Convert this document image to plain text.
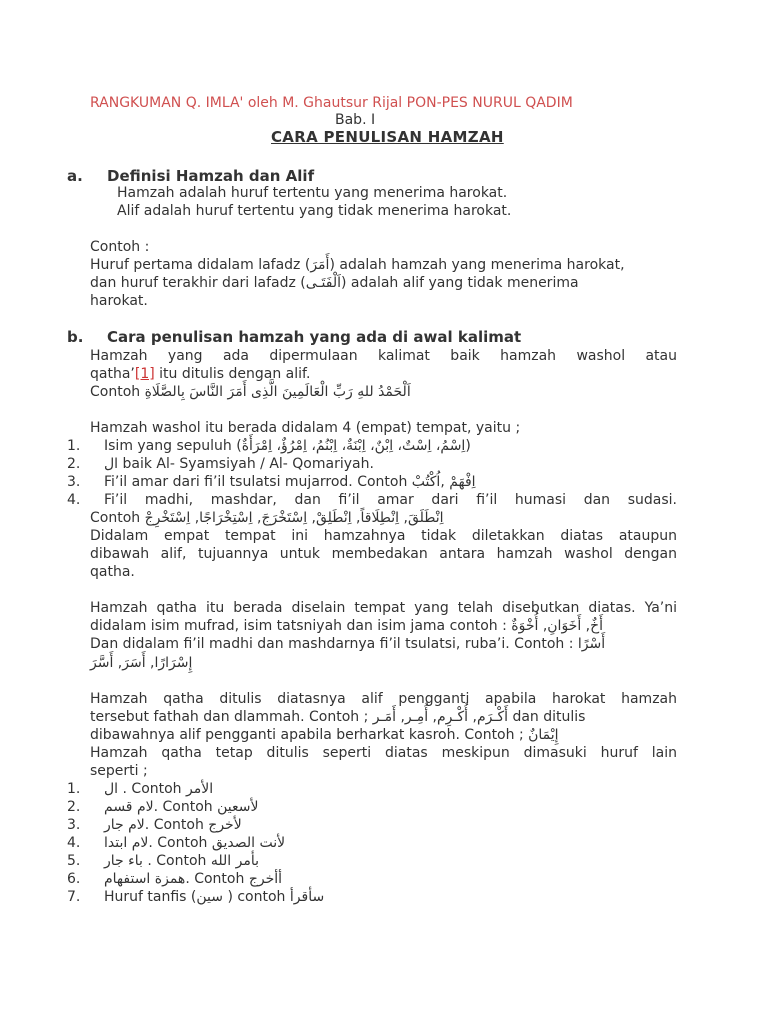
RANGKUMAN Q. IMLA' oleh M. Ghautsur Rijal PON-PES NURUL QADIM
Bab. I
CARA PENULISAN HAMZAH
a. Definisi Hamzah dan Alif
Hamzah adalah huruf tertentu yang menerima harokat.
Alif adalah huruf tertentu yang tidak menerima harokat.
Contoh :
Huruf pertama didalam lafadz (أَمَرَ) adalah hamzah yang menerima harokat,
dan huruf terakhir dari lafadz (اَلْفَتَـى) adalah alif yang tidak menerima
harokat.
b. Cara penulisan hamzah yang ada di awal kalimat
Hamzah yang ada dipermulaan kalimat baik hamzah washol atau
qatha’[1] itu ditulis dengan alif.
Contoh اَلْحَمْدُ للهِ رَبِّ الْعَالَمِينَ الَّذِى أَمَرَ النَّاسَ بِالصَّلَاةِ
Hamzah washol itu berada didalam 4 (empat) tempat, yaitu ;
1. Isim yang sepuluh (اِسْمُ، اِسْتٌ، اِبْنٌ، اِبْنَةٌ، اِبْنُمُ، اِمْرُؤٌ، اِمْرَأَةٌ)
2. ال baik Al- Syamsiyah / Al- Qomariyah.
3. Fi’il amar dari fi’il tsulatsi mujarrod. Contoh اِفْهَمْ ,اُكْتُبْ
4. Fi’il madhi, mashdar, dan fi’il amar dari fi’il humasi dan sudasi.
Contoh اِنْطَلَقَ, اِنْطِلَاقاً, اِنْطَلِقْ, اِسْتَخْرَجَ, اِسْتِخْرَاجًا, اِسْتَخْرِجْ
Didalam empat tempat ini hamzahnya tidak diletakkan diatas ataupun
dibawah alif, tujuannya untuk membedakan antara hamzah washol dengan
qatha.
Hamzah qatha itu berada diselain tempat yang telah disebutkan diatas. Ya’ni
didalam isim mufrad, isim tatsniyah dan isim jama contoh : أَخٌ, أَخَوَانِ, أُخْوَةٌ
Dan didalam fi’il madhi dan mashdarnya fi’il tsulatsi, ruba’i. Contoh : أَسْرًا
إِسْرَارًا, أَسَرَ, أَسَّرَ
Hamzah qatha ditulis diatasnya alif pengganti apabila harokat hamzah
tersebut fathah dan dlammah. Contoh ; أَكْـرَم, أُكْـرِم, أُمِـر, أَمَـر dan ditulis
dibawahnya alif pengganti apabila berharkat kasroh. Contoh ; إِيْمَانٌ
Hamzah qatha tetap ditulis seperti diatas meskipun dimasuki huruf lain
seperti ;
1. ال . Contoh الأمر
2. لام قسم. Contoh لأسعين
3. لام جار. Contoh لأخرج
4. لام ابتدا. Contoh لأنت الصديق
5. باء جار . Contoh بأمر الله
6. همزة استفهام. Contoh أأخرج
7. Huruf tanfis (سين ) contoh سأقرأ
